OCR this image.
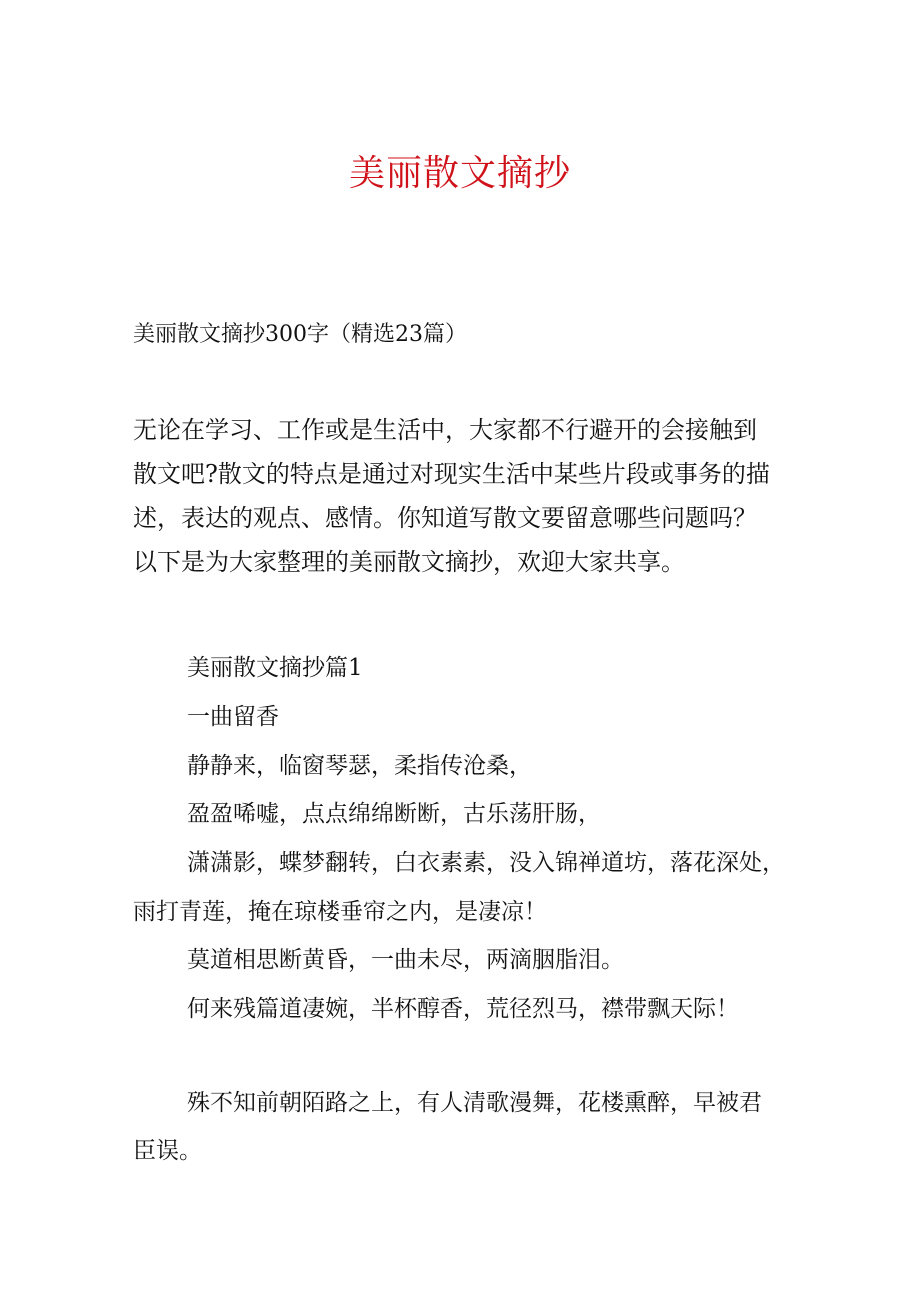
美丽散文摘抄
美丽散文摘抄300字（精选23篇）
无论在学习、工作或是生活中，大家都不行避开的会接触到
散文吧?散文的特点是通过对现实生活中某些片段或事务的描
述，表达的观点、感情。你知道写散文要留意哪些问题吗？
以下是为大家整理的美丽散文摘抄，欢迎大家共享。
美丽散文摘抄篇1
一曲留香
静静来，临窗琴瑟，柔指传沧桑，
盈盈唏嘘，点点绵绵断断，古乐荡肝肠，
潇潇影，蝶梦翻转，白衣素素，没入锦禅道坊，落花深处，
雨打青莲，掩在琼楼垂帘之内，是凄凉！
莫道相思断黄昏，一曲未尽，两滴胭脂泪。
何来残篇道凄婉，半杯醇香，荒径烈马，襟带飘天际！
殊不知前朝陌路之上，有人清歌漫舞，花楼熏醉，早被君
臣误。
